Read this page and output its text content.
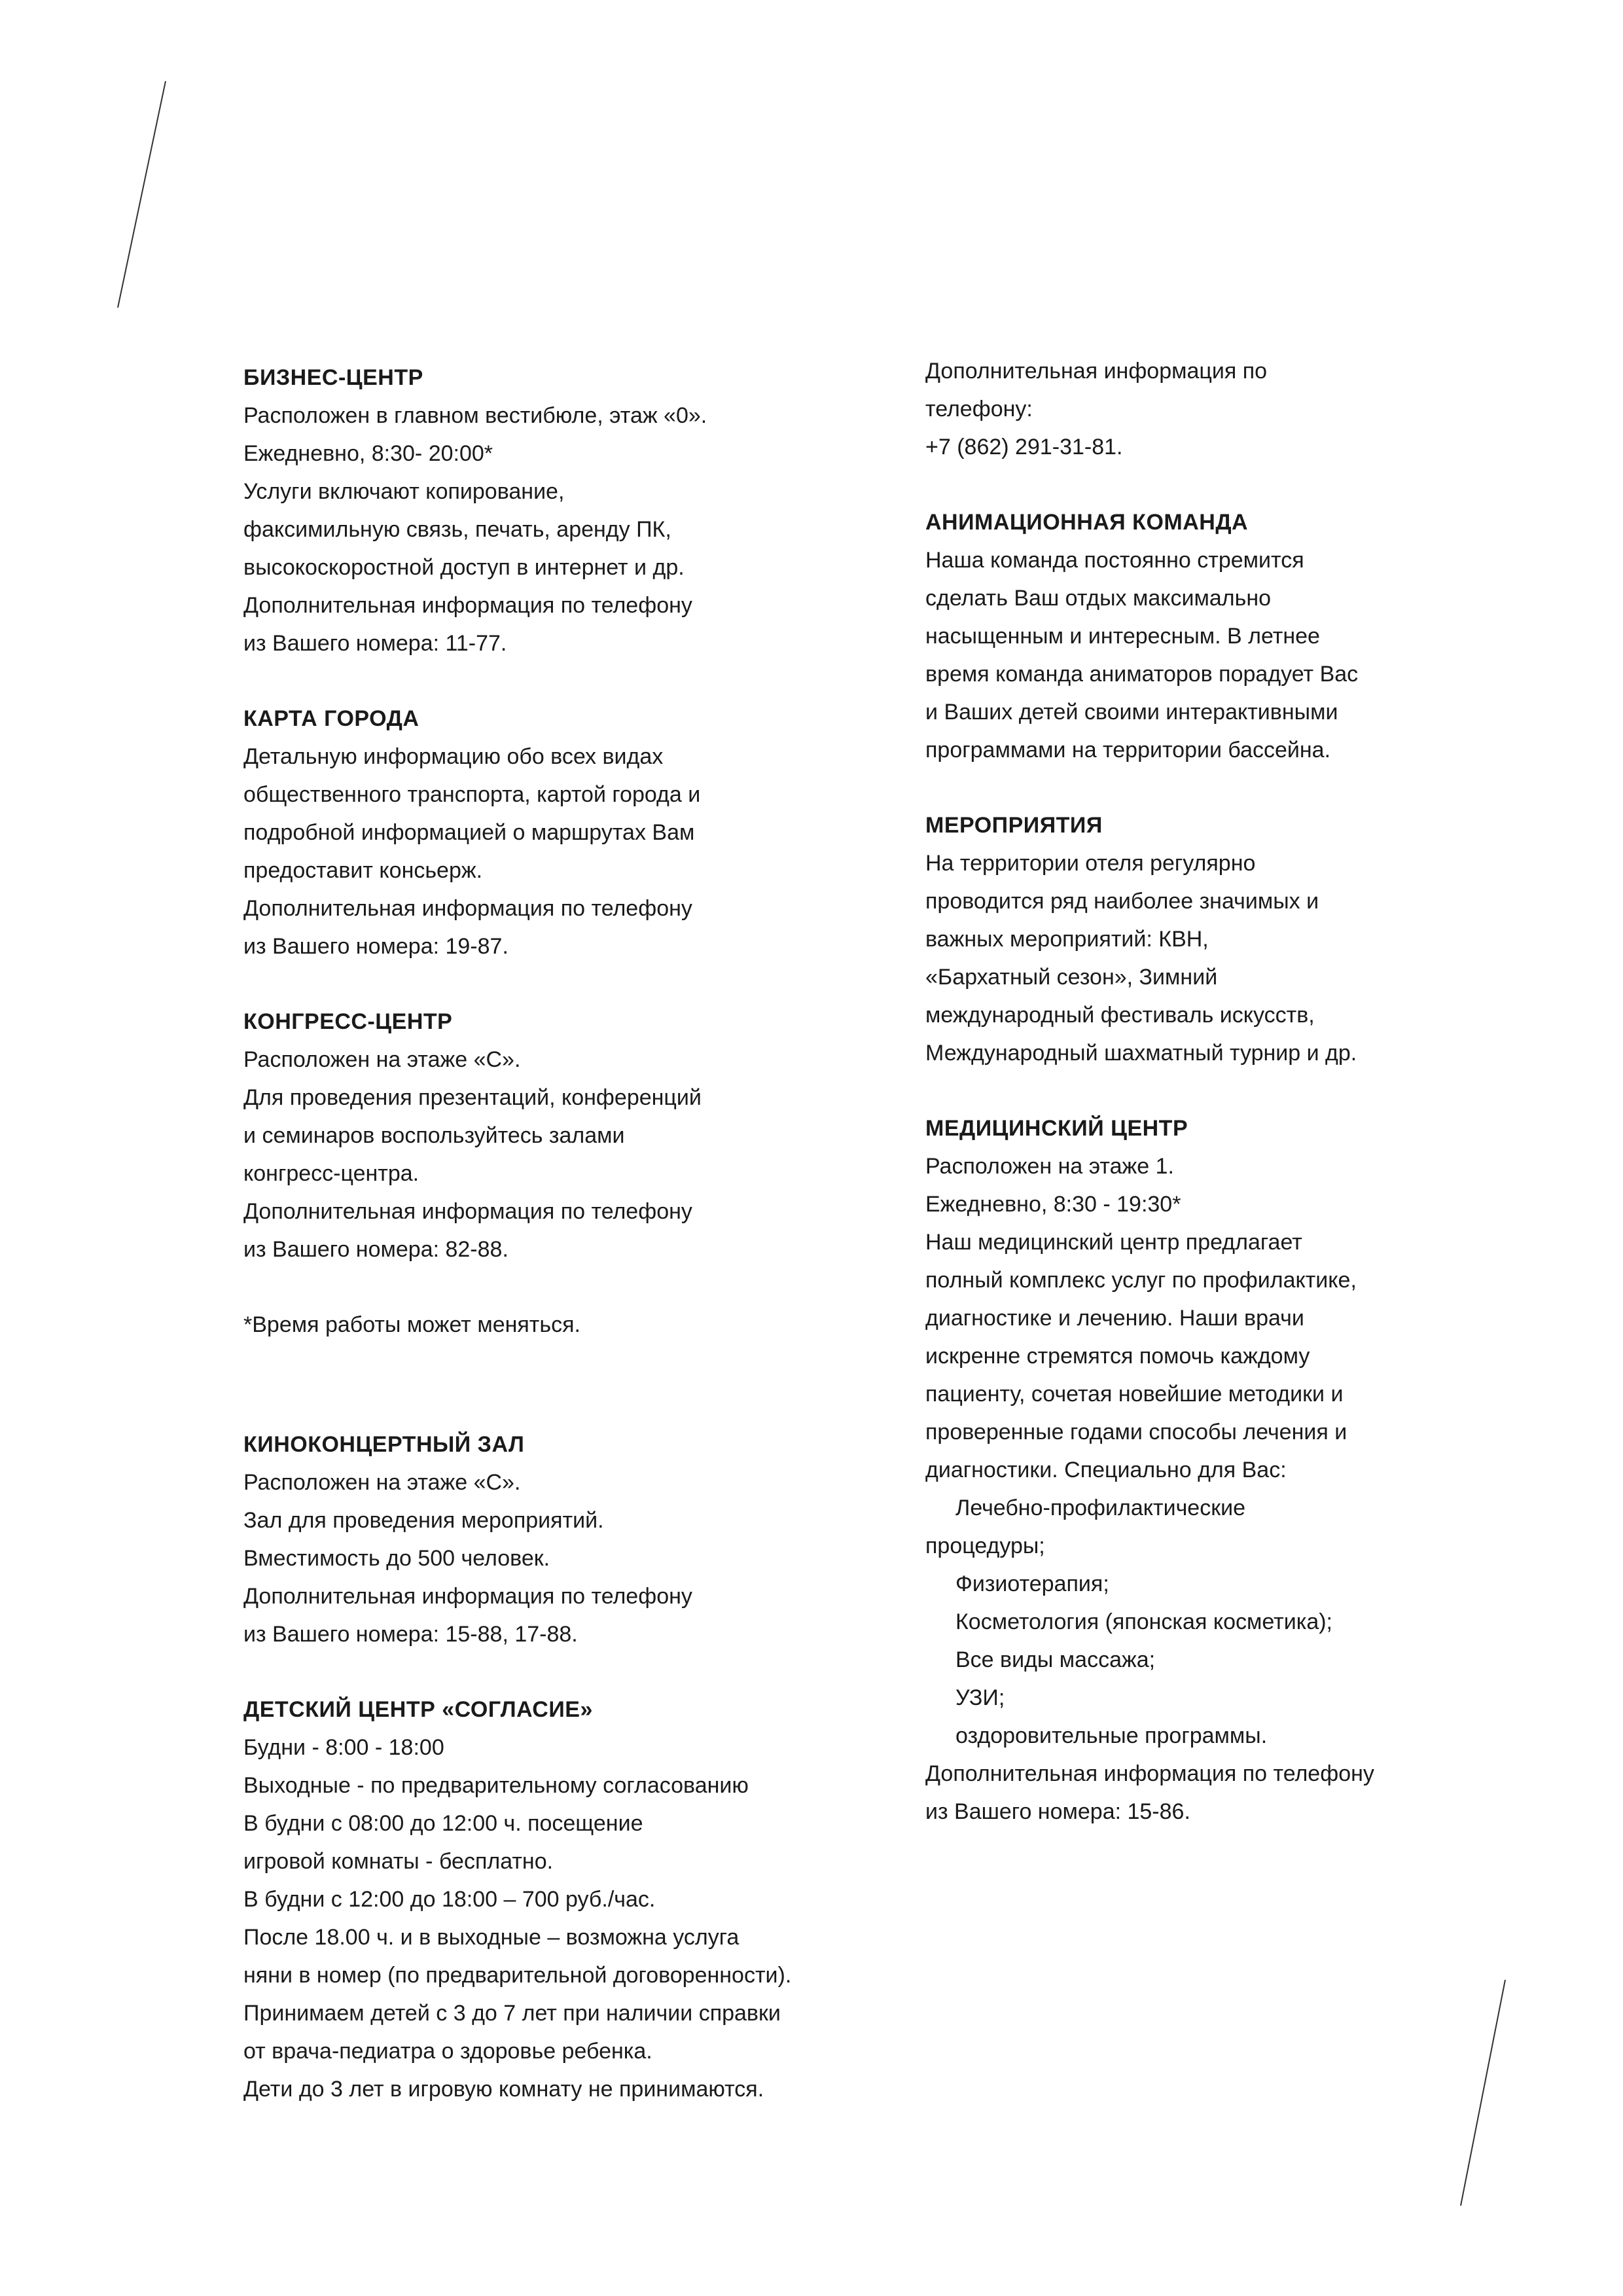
БИЗНЕС-ЦЕНТР
Расположен в главном вестибюле, этаж «0».
Ежедневно, 8:30- 20:00*
Услуги включают копирование,
факсимильную связь, печать, аренду ПК,
высокоскоростной доступ в интернет и др.
Дополнительная информация по телефону
из Вашего номера: 11-77.
КАРТА ГОРОДА
Детальную информацию обо всех видах
общественного транспорта, картой города и
подробной информацией о маршрутах Вам
предоставит консьерж.
Дополнительная информация по телефону
из Вашего номера: 19-87.
КОНГРЕСС-ЦЕНТР
Расположен на этаже «С».
Для проведения презентаций, конференций
и семинаров воспользуйтесь залами
конгресс-центра.
Дополнительная информация по телефону
из Вашего номера: 82-88.
*Время работы может меняться.
КИНОКОНЦЕРТНЫЙ ЗАЛ
Расположен на этаже «С».
Зал для проведения мероприятий.
Вместимость до 500 человек.
Дополнительная информация по телефону
из Вашего номера: 15-88, 17-88.
ДЕТСКИЙ ЦЕНТР «СОГЛАСИЕ»
Будни - 8:00 - 18:00
Выходные - по предварительному согласованию
В будни с 08:00 до 12:00 ч. посещение
игровой комнаты - бесплатно.
В будни с 12:00 до 18:00 – 700 руб./час.
После 18.00 ч. и в выходные – возможна услуга
няни в номер (по предварительной договоренности).
Принимаем детей с 3 до 7 лет при наличии справки
от врача-педиатра о здоровье ребенка.
Дети до 3 лет в игровую комнату не принимаются.
Дополнительная информация по
телефону:
+7 (862) 291-31-81.
АНИМАЦИОННАЯ КОМАНДА
Наша команда постоянно стремится
сделать Ваш отдых максимально
насыщенным и интересным. В летнее
время команда аниматоров порадует Вас
и Ваших детей своими интерактивными
программами на территории бассейна.
МЕРОПРИЯТИЯ
На территории отеля регулярно
проводится ряд наиболее значимых и
важных мероприятий: КВН,
«Бархатный сезон», Зимний
международный фестиваль искусств,
Международный шахматный турнир и др.
МЕДИЦИНСКИЙ ЦЕНТР
Расположен на этаже 1.
Ежедневно, 8:30 - 19:30*
Наш медицинский центр предлагает
полный комплекс услуг по профилактике,
диагностике и лечению. Наши врачи
искренне стремятся помочь каждому
пациенту, сочетая новейшие методики и
проверенные годами способы лечения и
диагностики. Специально для Вас:
Лечебно-профилактические
процедуры;
Физиотерапия;
Косметология (японская косметика);
Все виды массажа;
УЗИ;
оздоровительные программы.
Дополнительная информация по телефону
из Вашего номера: 15-86.
